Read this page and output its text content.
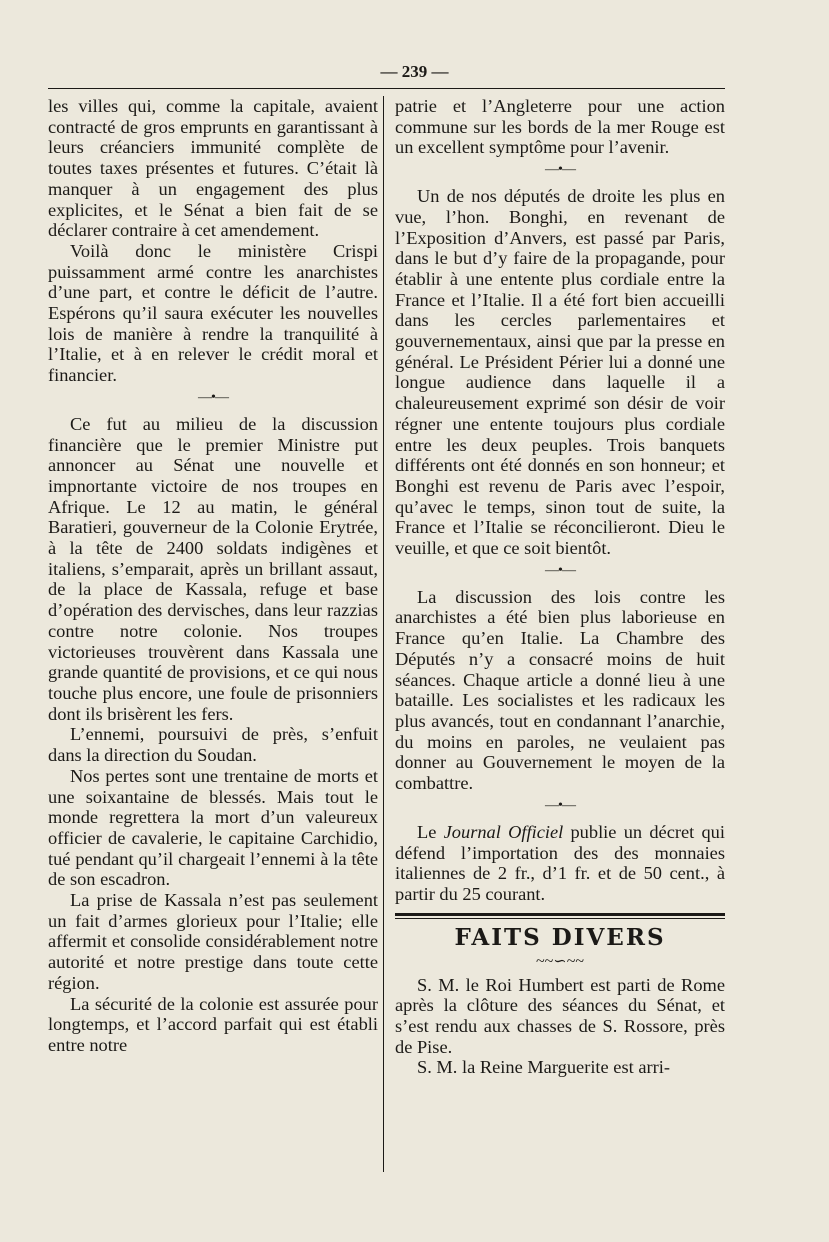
— 239 —

les villes qui, comme la capitale, avaient contracté de gros emprunts en garantissant à leurs créanciers immunité complète de toutes taxes présentes et futures. C’était là manquer à un engagement des plus explicites, et le Sénat a bien fait de se déclarer contraire à cet amendement.

Voilà donc le ministère Crispi puissamment armé contre les anarchistes d’une part, et contre le déficit de l’autre. Espérons qu’il saura exécuter les nouvelles lois de manière à rendre la tranquilité à l’Italie, et à en relever le crédit moral et financier.

—•—

Ce fut au milieu de la discussion financière que le premier Ministre put annoncer au Sénat une nouvelle et impnortante victoire de nos troupes en Afrique. Le 12 au matin, le général Baratieri, gouverneur de la Colonie Erytrée, à la tête de 2400 soldats indigènes et italiens, s’emparait, après un brillant assaut, de la place de Kassala, refuge et base d’opération des dervisches, dans leur razzias contre notre colonie. Nos troupes victorieuses trouvèrent dans Kassala une grande quantité de provisions, et ce qui nous touche plus encore, une foule de prisonniers dont ils brisèrent les fers.

L’ennemi, poursuivi de près, s’enfuit dans la direction du Soudan.

Nos pertes sont une trentaine de morts et une soixantaine de blessés. Mais tout le monde regrettera la mort d’un valeureux officier de cavalerie, le capitaine Carchidio, tué pendant qu’il chargeait l’ennemi à la tête de son escadron.

La prise de Kassala n’est pas seulement un fait d’armes glorieux pour l’Italie; elle affermit et consolide considérablement notre autorité et notre prestige dans toute cette région.

La sécurité de la colonie est assurée pour longtemps, et l’accord parfait qui est établi entre notre

patrie et l’Angleterre pour une action commune sur les bords de la mer Rouge est un excellent symptôme pour l’avenir.

—•—

Un de nos députés de droite les plus en vue, l’hon. Bonghi, en revenant de l’Exposition d’Anvers, est passé par Paris, dans le but d’y faire de la propagande, pour établir à une entente plus cordiale entre la France et l’Italie. Il a été fort bien accueilli dans les cercles parlementaires et gouvernementaux, ainsi que par la presse en général. Le Président Périer lui a donné une longue audience dans laquelle il a chaleureusement exprimé son désir de voir régner une entente toujours plus cordiale entre les deux peuples. Trois banquets différents ont été donnés en son honneur; et Bonghi est revenu de Paris avec l’espoir, qu’avec le temps, sinon tout de suite, la France et l’Italie se réconcilieront. Dieu le veuille, et que ce soit bientôt.

—•—

La discussion des lois contre les anarchistes a été bien plus laborieuse en France qu’en Italie. La Chambre des Députés n’y a consacré moins de huit séances. Chaque article a donné lieu à une bataille. Les socialistes et les radicaux les plus avancés, tout en condannant l’anarchie, du moins en paroles, ne veulaient pas donner au Gouvernement le moyen de la combattre.

—•—

Le Journal Officiel publie un décret qui défend l’importation des des monnaies italiennes de 2 fr., d’1 fr. et de 50 cent., à partir du 25 courant.

FAITS DIVERS
~~∽~~

S. M. le Roi Humbert est parti de Rome après la clôture des séances du Sénat, et s’est rendu aux chasses de S. Rossore, près de Pise.

S. M. la Reine Marguerite est arri-
